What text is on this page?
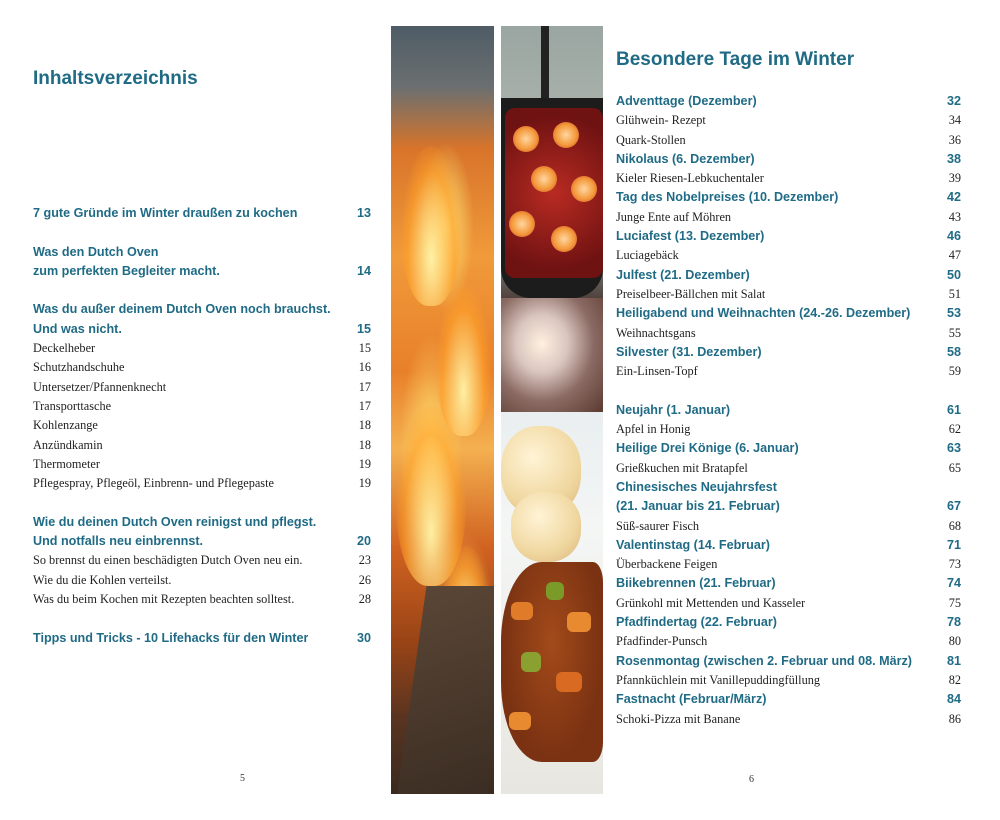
Inhaltsverzeichnis
7 gute Gründe im Winter draußen zu kochen	13
Was den Dutch Oven
zum perfekten Begleiter macht.	14
Was du außer deinem Dutch Oven noch brauchst.
Und was nicht.	15
Deckelheber	15
Schutzhandschuhe	16
Untersetzer/Pfannenknecht	17
Transporttasche	17
Kohlenzange	18
Anzündkamin	18
Thermometer	19
Pflegespray, Pflegeöl, Einbrenn- und Pflegepaste	19
Wie du deinen Dutch Oven reinigst und pflegst.
Und notfalls neu einbrennst.	20
So brennst du einen beschädigten Dutch Oven neu ein.	23
Wie du die Kohlen verteilst.	26
Was du beim Kochen mit Rezepten beachten solltest.	28
Tipps und Tricks - 10 Lifehacks für den Winter	30
5
Besondere Tage im Winter
Adventtage (Dezember)	32
Glühwein- Rezept	34
Quark-Stollen	36
Nikolaus (6. Dezember)	38
Kieler Riesen-Lebkuchentaler	39
Tag des Nobelpreises (10. Dezember)	42
Junge Ente auf Möhren	43
Luciafest (13. Dezember)	46
Luciagebäck	47
Julfest (21. Dezember)	50
Preiselbeer-Bällchen mit Salat	51
Heiligabend und Weihnachten (24.-26. Dezember)	53
Weihnachtsgans	55
Silvester (31. Dezember)	58
Ein-Linsen-Topf	59
Neujahr (1. Januar)	61
Apfel in Honig	62
Heilige Drei Könige (6. Januar)	63
Grießkuchen mit Bratapfel	65
Chinesisches Neujahrsfest
(21. Januar bis 21. Februar)	67
Süß-saurer Fisch	68
Valentinstag (14. Februar)	71
Überbackene Feigen	73
Biikebrennen (21. Februar)	74
Grünkohl mit Mettenden und Kasseler	75
Pfadfindertag (22. Februar)	78
Pfadfinder-Punsch	80
Rosenmontag (zwischen 2. Februar und 08. März)	81
Pfannküchlein mit Vanillepuddingfüllung	82
Fastnacht (Februar/März)	84
Schoki-Pizza mit Banane	86
6
